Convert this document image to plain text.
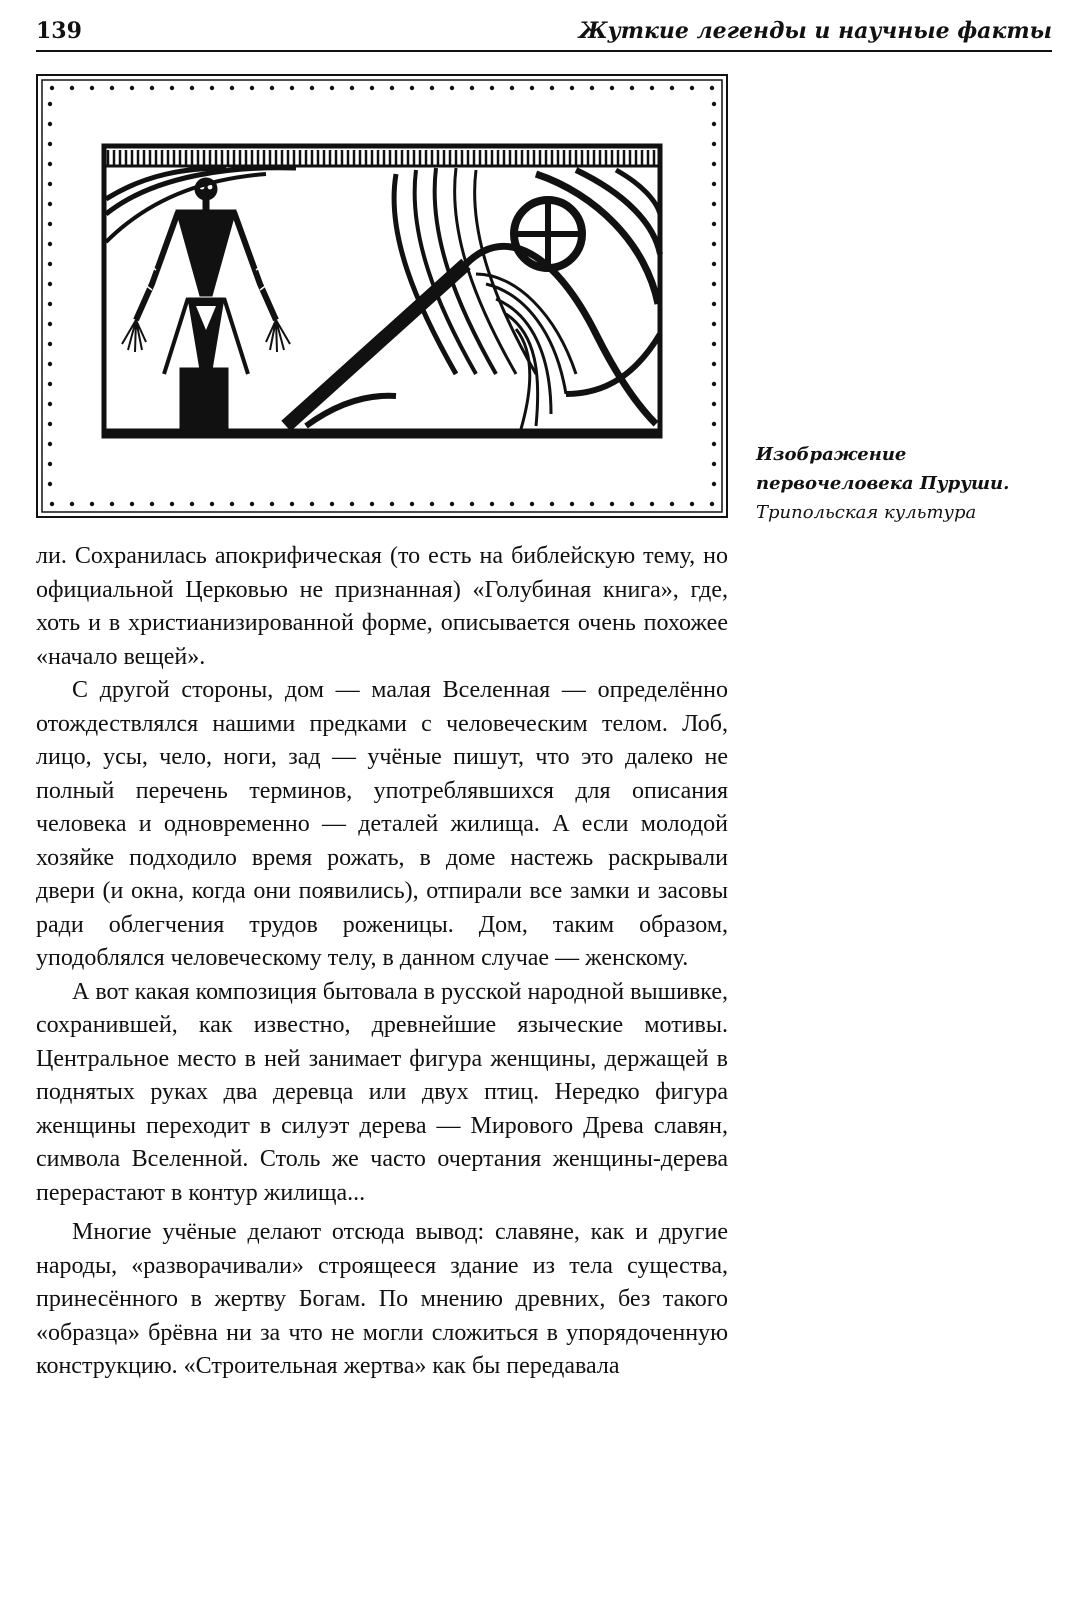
139	Жуткие легенды и научные факты
Изображение первочеловека Пуруши.
Трипольская культура

ли. Сохранилась апокрифическая (то есть на библейскую тему, но официальной Церковью не признанная) «Голубиная книга», где, хоть и в христианизированной форме, описывается очень похожее «начало вещей».

С другой стороны, дом — малая Вселенная — определённо отождествлялся нашими предками с человеческим телом. Лоб, лицо, усы, чело, ноги, зад — учёные пишут, что это далеко не полный перечень терминов, употреблявшихся для описания человека и одновременно — деталей жилища. А если молодой хозяйке подходило время рожать, в доме настежь раскрывали двери (и окна, когда они появились), отпирали все замки и засовы ради облегчения трудов роженицы. Дом, таким образом, уподоблялся человеческому телу, в данном случае — женскому.

А вот какая композиция бытовала в русской народной вышивке, сохранившей, как известно, древнейшие языческие мотивы. Центральное место в ней занимает фигура женщины, держащей в поднятых руках два деревца или двух птиц. Нередко фигура женщины переходит в силуэт дерева — Мирового Древа славян, символа Вселенной. Столь же часто очертания женщины-дерева перерастают в контур жилища...

Многие учёные делают отсюда вывод: славяне, как и другие народы, «разворачивали» строящееся здание из тела существа, принесённого в жертву Богам. По мнению древних, без такого «образца» брёвна ни за что не могли сложиться в упорядоченную конструкцию. «Строительная жертва» как бы передавала
